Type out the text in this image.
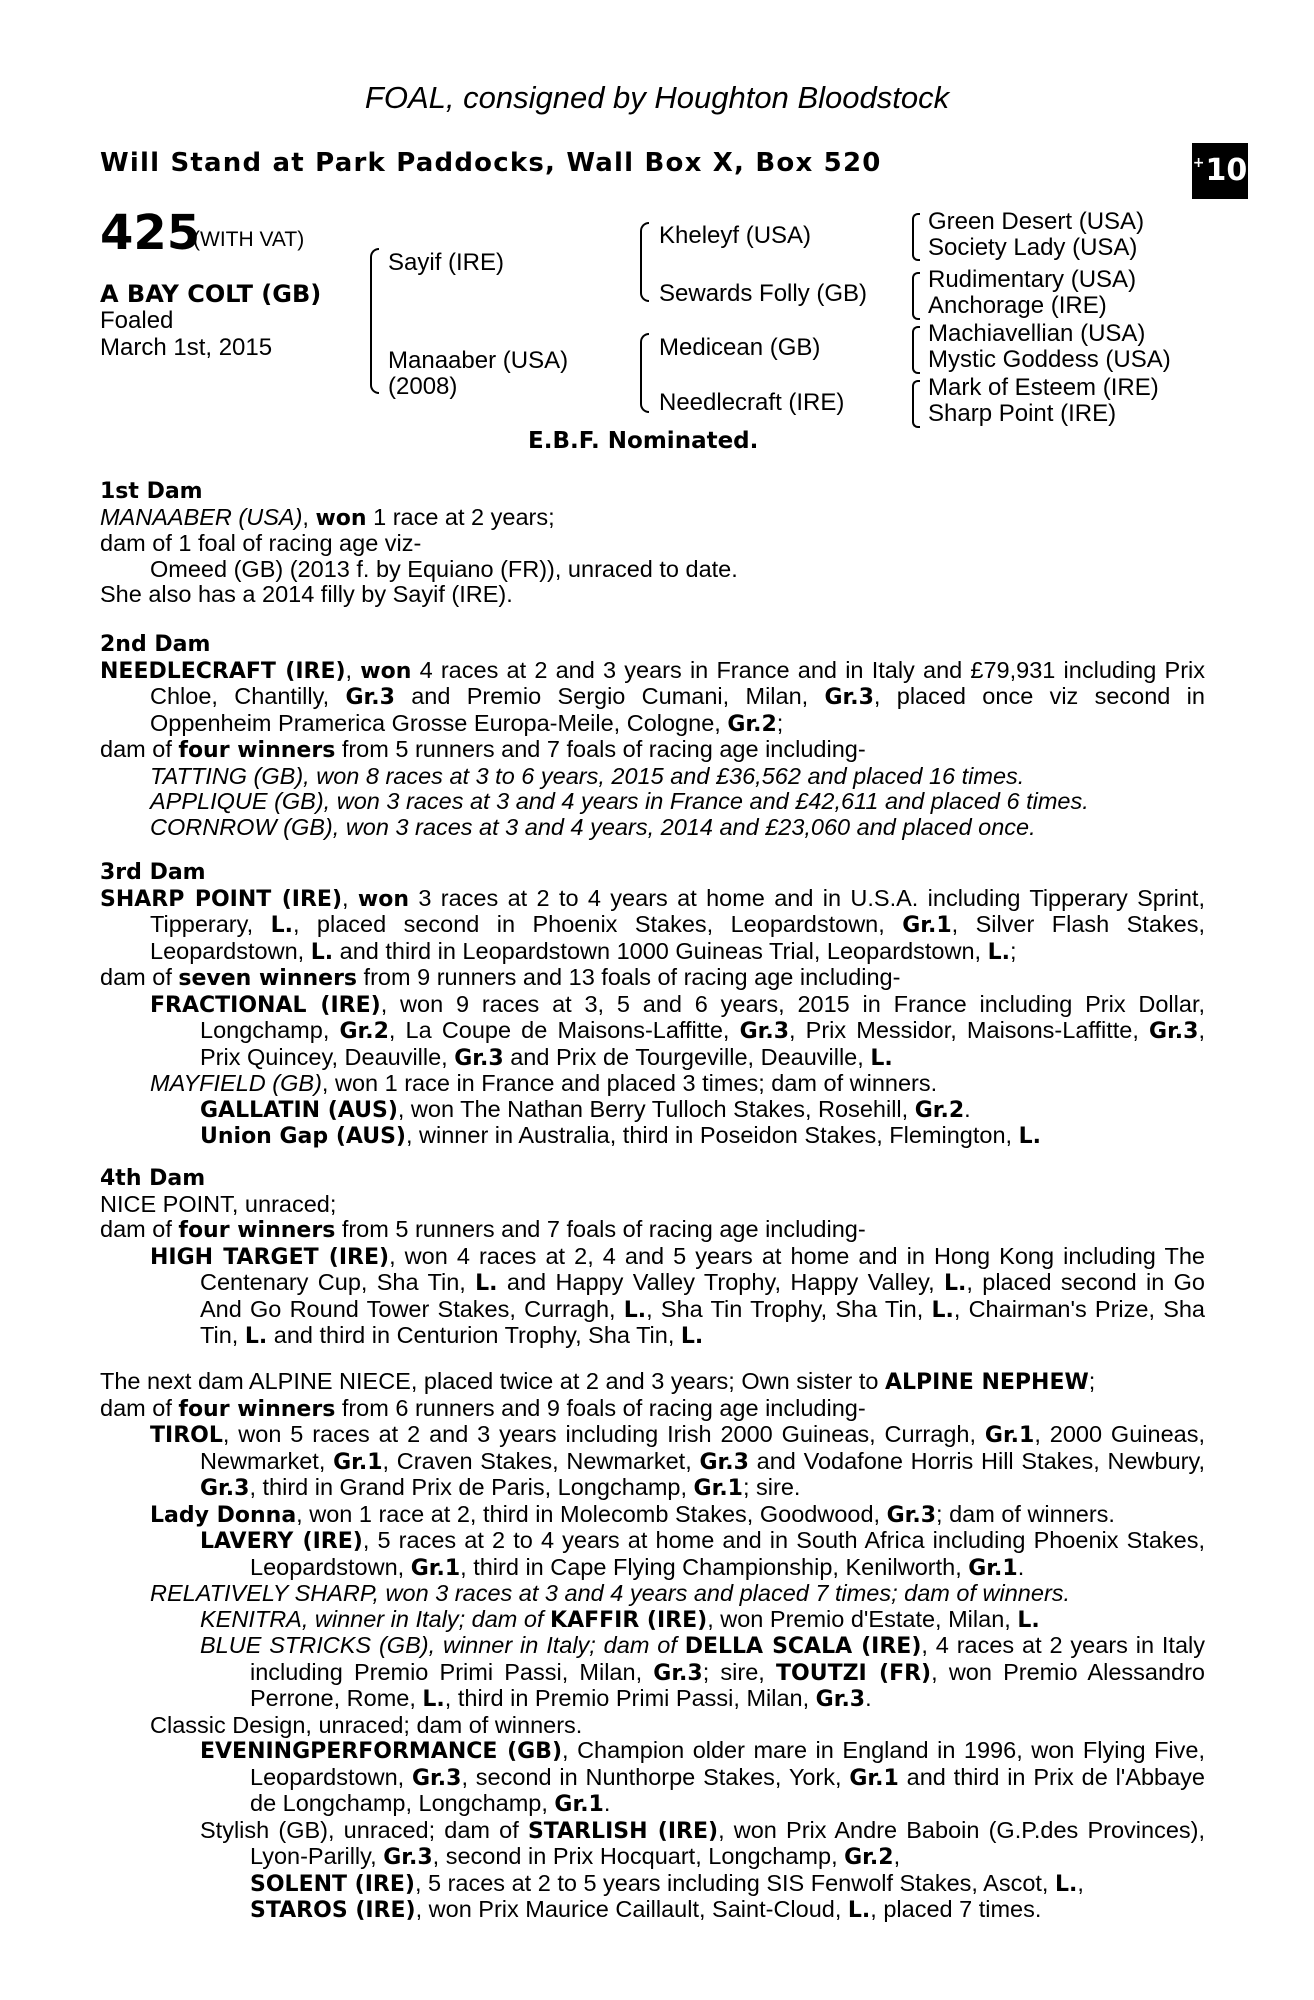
FOAL, consigned by Houghton Bloodstock
Will Stand at Park Paddocks, Wall Box X, Box 520	+10
425
(WITH VAT)
A BAY COLT (GB)
Foaled
March 1st, 2015
Sayif (IRE)
Manaaber (USA)
(2008)
Kheleyf (USA)
Sewards Folly (GB)
Medicean (GB)
Needlecraft (IRE)
Green Desert (USA)
Society Lady (USA)
Rudimentary (USA)
Anchorage (IRE)
Machiavellian (USA)
Mystic Goddess (USA)
Mark of Esteem (IRE)
Sharp Point (IRE)
E.B.F. Nominated.

1st Dam

MANAABER (USA), won 1 race at 2 years;

dam of 1 foal of racing age viz-

Omeed (GB) (2013 f. by Equiano (FR)), unraced to date.

She also has a 2014 filly by Sayif (IRE).

2nd Dam

NEEDLECRAFT (IRE), won 4 races at 2 and 3 years in France and in Italy and £79,931 including Prix Chloe, Chantilly, Gr.3 and Premio Sergio Cumani, Milan, Gr.3, placed once viz second in Oppenheim Pramerica Grosse Europa-Meile, Cologne, Gr.2;

dam of four winners from 5 runners and 7 foals of racing age including-

TATTING (GB), won 8 races at 3 to 6 years, 2015 and £36,562 and placed 16 times.

APPLIQUE (GB), won 3 races at 3 and 4 years in France and £42,611 and placed 6 times.

CORNROW (GB), won 3 races at 3 and 4 years, 2014 and £23,060 and placed once.

3rd Dam

SHARP POINT (IRE), won 3 races at 2 to 4 years at home and in U.S.A. including Tipperary Sprint, Tipperary, L., placed second in Phoenix Stakes, Leopardstown, Gr.1, Silver Flash Stakes, Leopardstown, L. and third in Leopardstown 1000 Guineas Trial, Leopardstown, L.;

dam of seven winners from 9 runners and 13 foals of racing age including-

FRACTIONAL (IRE), won 9 races at 3, 5 and 6 years, 2015 in France including Prix Dollar, Longchamp, Gr.2, La Coupe de Maisons-Laffitte, Gr.3, Prix Messidor, Maisons-Laffitte, Gr.3, Prix Quincey, Deauville, Gr.3 and Prix de Tourgeville, Deauville, L.

MAYFIELD (GB), won 1 race in France and placed 3 times; dam of winners.

GALLATIN (AUS), won The Nathan Berry Tulloch Stakes, Rosehill, Gr.2.

Union Gap (AUS), winner in Australia, third in Poseidon Stakes, Flemington, L.

4th Dam

NICE POINT, unraced;

dam of four winners from 5 runners and 7 foals of racing age including-

HIGH TARGET (IRE), won 4 races at 2, 4 and 5 years at home and in Hong Kong including The Centenary Cup, Sha Tin, L. and Happy Valley Trophy, Happy Valley, L., placed second in Go And Go Round Tower Stakes, Curragh, L., Sha Tin Trophy, Sha Tin, L., Chairman's Prize, Sha Tin, L. and third in Centurion Trophy, Sha Tin, L.

The next dam ALPINE NIECE, placed twice at 2 and 3 years; Own sister to ALPINE NEPHEW;

dam of four winners from 6 runners and 9 foals of racing age including-

TIROL, won 5 races at 2 and 3 years including Irish 2000 Guineas, Curragh, Gr.1, 2000 Guineas, Newmarket, Gr.1, Craven Stakes, Newmarket, Gr.3 and Vodafone Horris Hill Stakes, Newbury, Gr.3, third in Grand Prix de Paris, Longchamp, Gr.1; sire.

Lady Donna, won 1 race at 2, third in Molecomb Stakes, Goodwood, Gr.3; dam of winners.

LAVERY (IRE), 5 races at 2 to 4 years at home and in South Africa including Phoenix Stakes, Leopardstown, Gr.1, third in Cape Flying Championship, Kenilworth, Gr.1.

RELATIVELY SHARP, won 3 races at 3 and 4 years and placed 7 times; dam of winners.

KENITRA, winner in Italy; dam of KAFFIR (IRE), won Premio d'Estate, Milan, L.

BLUE STRICKS (GB), winner in Italy; dam of DELLA SCALA (IRE), 4 races at 2 years in Italy including Premio Primi Passi, Milan, Gr.3; sire, TOUTZI (FR), won Premio Alessandro Perrone, Rome, L., third in Premio Primi Passi, Milan, Gr.3.

Classic Design, unraced; dam of winners.

EVENINGPERFORMANCE (GB), Champion older mare in England in 1996, won Flying Five, Leopardstown, Gr.3, second in Nunthorpe Stakes, York, Gr.1 and third in Prix de l'Abbaye de Longchamp, Longchamp, Gr.1.

Stylish (GB), unraced; dam of STARLISH (IRE), won Prix Andre Baboin (G.P.des Provinces), Lyon-Parilly, Gr.3, second in Prix Hocquart, Longchamp, Gr.2,
SOLENT (IRE), 5 races at 2 to 5 years including SIS Fenwolf Stakes, Ascot, L.,
STAROS (IRE), won Prix Maurice Caillault, Saint-Cloud, L., placed 7 times.
